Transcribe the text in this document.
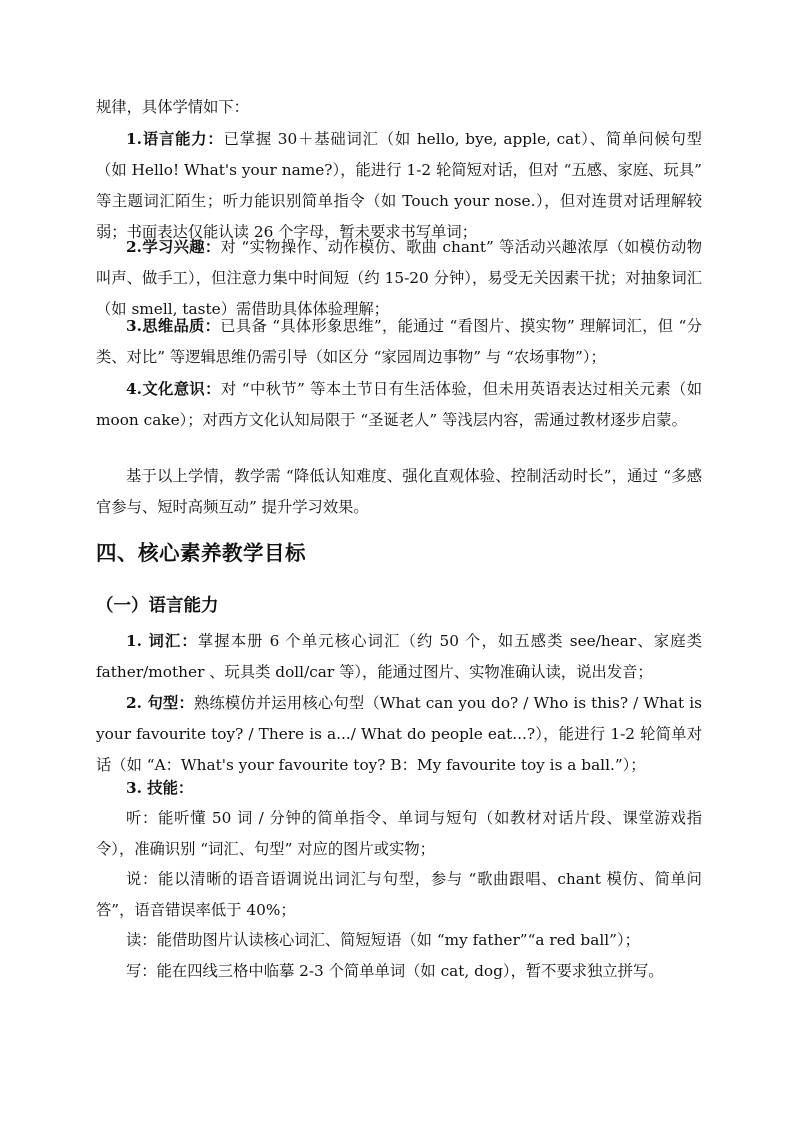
规律，具体学情如下：

1.语言能力：已掌握 30＋基础词汇（如 hello, bye, apple, cat）、简单问候句型（如 Hello! What's your name?），能进行 1-2 轮简短对话，但对 “五感、家庭、玩具” 等主题词汇陌生；听力能识别简单指令（如 Touch your nose.），但对连贯对话理解较弱；书面表达仅能认读 26 个字母，暂未要求书写单词；

2.学习兴趣：对 “实物操作、动作模仿、歌曲 chant” 等活动兴趣浓厚（如模仿动物叫声、做手工），但注意力集中时间短（约 15-20 分钟），易受无关因素干扰；对抽象词汇（如 smell, taste）需借助具体体验理解；

3.思维品质：已具备 “具体形象思维”，能通过 “看图片、摸实物” 理解词汇，但 “分类、对比” 等逻辑思维仍需引导（如区分 “家园周边事物” 与 “农场事物”）；

4.文化意识：对 “中秋节” 等本土节日有生活体验，但未用英语表达过相关元素（如 moon cake）；对西方文化认知局限于 “圣诞老人” 等浅层内容，需通过教材逐步启蒙。

基于以上学情，教学需 “降低认知难度、强化直观体验、控制活动时长”，通过 “多感官参与、短时高频互动” 提升学习效果。

四、核心素养教学目标
（一）语言能力

1. 词汇：掌握本册 6 个单元核心词汇（约 50 个，如五感类 see/hear、家庭类 father/mother 、玩具类 doll/car 等），能通过图片、实物准确认读，说出发音；

2. 句型：熟练模仿并运用核心句型（What can you do? / Who is this? / What is your favourite toy? / There is a.../ What do people eat...?），能进行 1-2 轮简单对话（如 “A：What's your favourite toy? B：My favourite toy is a ball.”）；

3. 技能：

听：能听懂 50 词 / 分钟的简单指令、单词与短句（如教材对话片段、课堂游戏指令），准确识别 “词汇、句型” 对应的图片或实物；

说：能以清晰的语音语调说出词汇与句型，参与 “歌曲跟唱、chant 模仿、简单问答”，语音错误率低于 40%；

读：能借助图片认读核心词汇、简短短语（如 “my father”“a red ball”）；

写：能在四线三格中临摹 2-3 个简单单词（如 cat, dog），暂不要求独立拼写。
